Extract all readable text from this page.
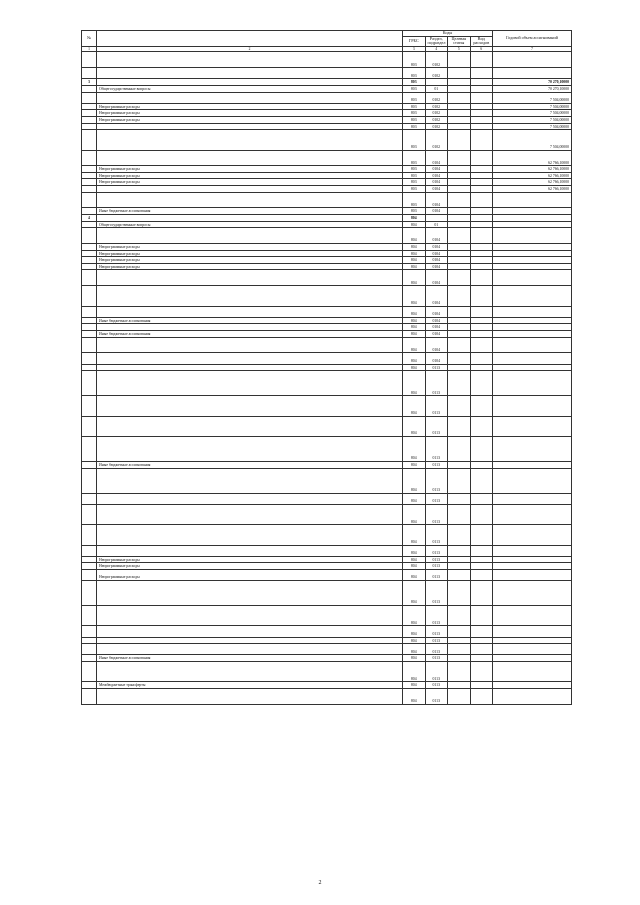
№		Коды				Годовой объем ассигнований
		ГРБС	Раздел, подраздел	Целевая статья	Вид расходов	
1	2	3	4	5	6	7
		803	0102			
		803	0102			
3		803				70 270,10000
	Общегосударственные вопросы	803	01			70 270,10000
		803	0102			7 504,00000
	Непрограммные расходы	803	0102			7 504,00000
	Непрограммные расходы	803	0102			7 504,00000
	Непрограммные расходы	803	0102			7 504,00000
		803	0102			7 504,00000
		803	0102			7 504,00000
		803	0104			62 766,10000
	Непрограммные расходы	803	0104			62 766,10000
	Непрограммные расходы	803	0104			62 766,10000
	Непрограммные расходы	803	0104			62 766,10000
		803	0104			62 766,10000
		803	0104			
	Иные бюджетные ассигнования	803	0104			
4		804				
	Общегосударственные вопросы	804	01			
		804	0104			
	Непрограммные расходы	804	0104			
	Непрограммные расходы	804	0104			
	Непрограммные расходы	804	0104			
	Непрограммные расходы	804	0104			
		804	0104			
		804	0104			
		804	0104			
	Иные бюджетные ассигнования	804	0104			
		804	0104			
	Иные бюджетные ассигнования	804	0104			
		804	0104			
		804	0104			
		804	0113			
		804	0113			
		804	0113			
		804	0113			
		804	0113			
	Иные бюджетные ассигнования	804	0113			
		804	0113			
		804	0113			
		804	0113			
		804	0113			
		804	0113			
	Непрограммные расходы	804	0113			
	Непрограммные расходы	804	0113			
	Непрограммные расходы	804	0113			
		804	0113			
		804	0113			
		804	0113			
		804	0113			
		804	0113			
	Иные бюджетные ассигнования	804	0113			
		804	0113			
	Межбюджетные трансферты	804	0113			
		804	0113			
2
